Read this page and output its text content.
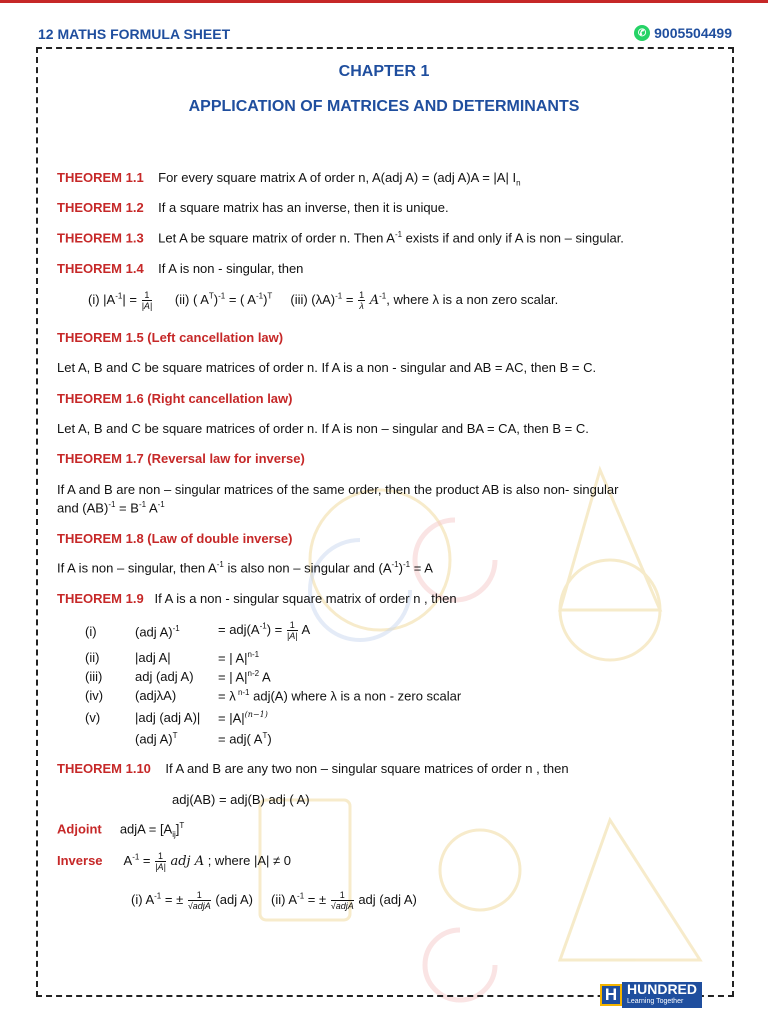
12 MATHS FORMULA SHEET	✆ 9005504499
CHAPTER 1
APPLICATION OF MATRICES AND DETERMINANTS
THEOREM 1.1 For every square matrix A of order n, A(adj A) = (adj A)A = |A| $I_n$
THEOREM 1.2 If a square matrix has an inverse, then it is unique.
THEOREM 1.3 Let A be square matrix of order n. Then $A^{-1}$ exists if and only if A is non – singular.
THEOREM 1.4 If A is non - singular, then
(i) $|A^{-1}| = \frac{1}{|A|} (ii)$ ( $A^T)^{-1}$ = ( $A^{-1})^T$ (iii) $(\lambda A)^{-1} = \frac{1}{\lambda} A^{-1}$, where λ is a non zero scalar.
THEOREM 1.5 (Left cancellation law)
Let A, B and C be square matrices of order n. If A is a non - singular and AB = AC, then B = C.
THEOREM 1.6 (Right cancellation law)
Let A, B and C be square matrices of order n. If A is non – singular and BA = CA, then B = C.
THEOREM 1.7 (Reversal law for inverse)
If A and B are non – singular matrices of the same order, then the product AB is also non- singular
and $(AB)^{-1} = B^{-1}$ $A^{-1}$
THEOREM 1.8 (Law of double inverse)
If A is non – singular, then $A^{-1}$ is also non – singular and $(A^{-1})^{-1} = A$
THEOREM 1.9 If A is a non - singular square matrix of order n , then
(i)	(adj A)$^{-1}$	= $adj(A^{-1}) = \frac{1}{|A|}$ A
(ii)	|adj A|	= | $A|^{n-1}$
(iii)	adj (adj A) = | $A|^{n-2}$ A
(iv) (adjλA)	= λ $^{n-1}$ adj(A) where λ is a non - zero scalar
(v)	|adj (adj $A)| = |A|^{(n-1)}$
(adj A)$^T$	= adj( $A^T$)
THEOREM 1.10 If A and B are any two non – singular square matrices of order n , then
adj(AB) = adj(B) adj ( A)
Adjoint adjA = $[A_{ij}]^T$
Inverse $A^{-1} = \frac{1}{|A|}$ adj A ; where |A| ≠ 0
(i) $A^{-1}$ = ± $\frac{1}{\text{√adjA}} (adj$ A) (ii) $A^{-1}$ = ± $\frac{1}{\text{√adjA}}$ adj (adj A)
H HUNDRED
Learning Together
